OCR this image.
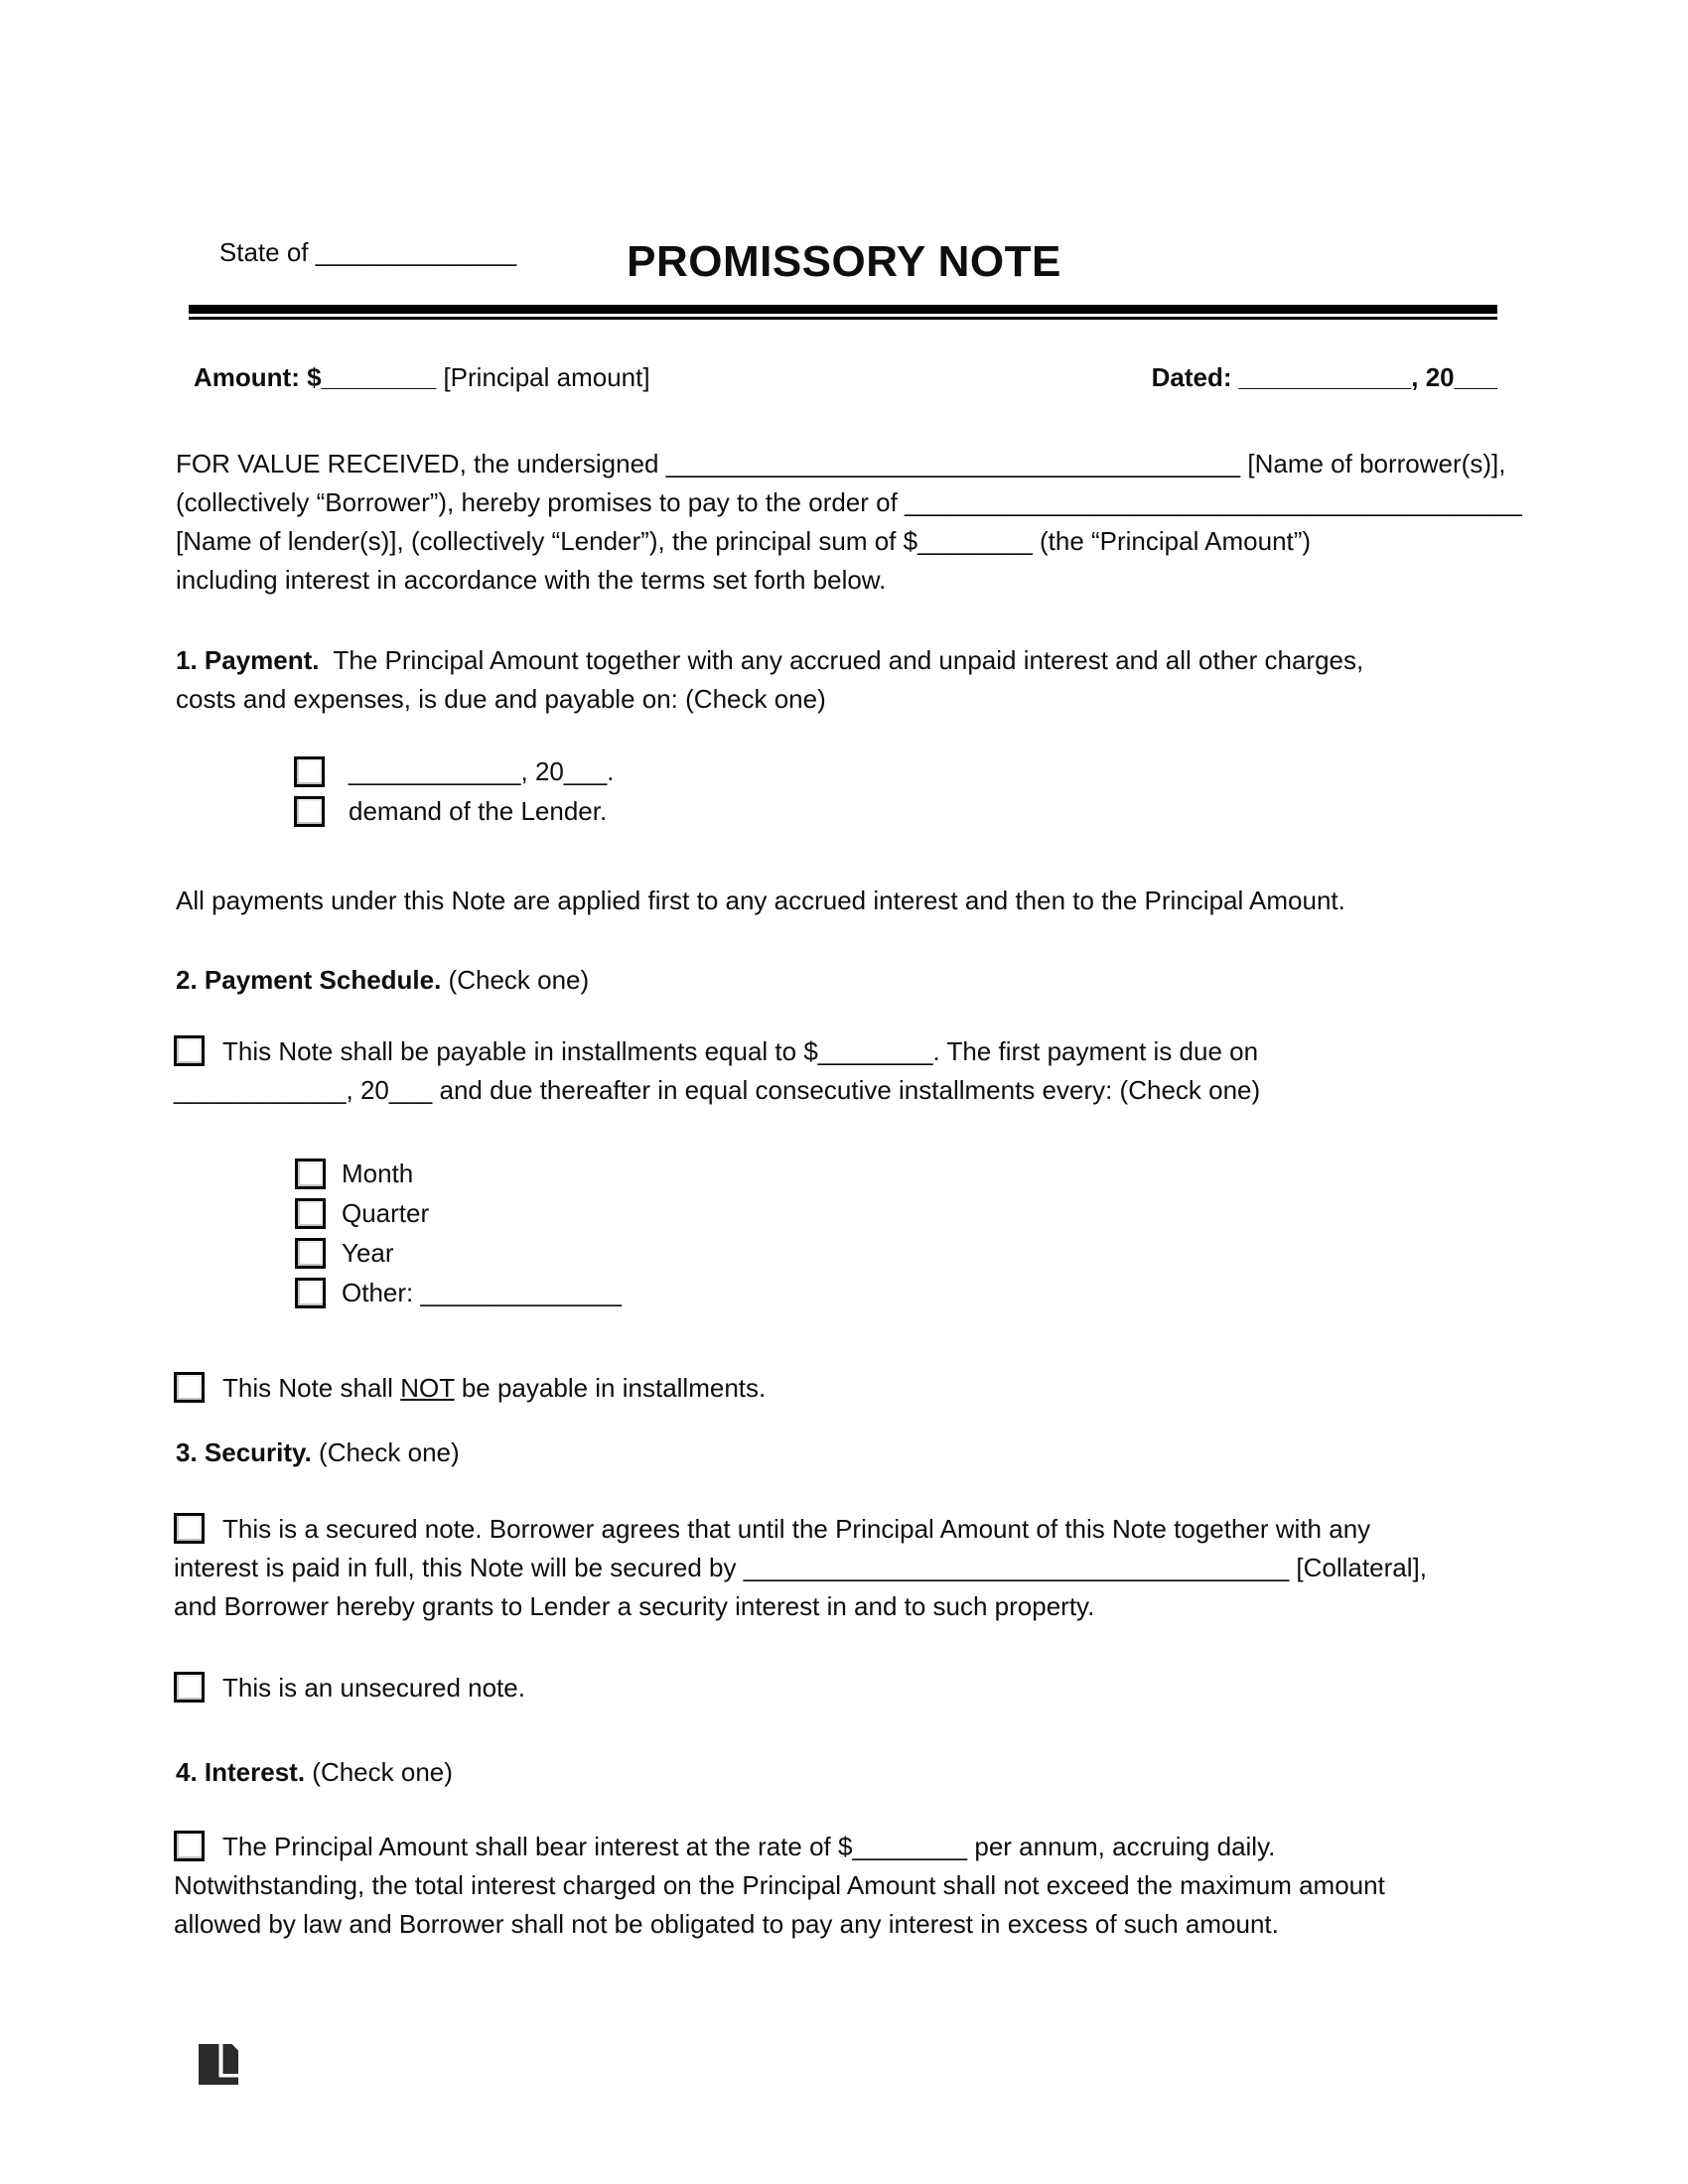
State of ______________
	PROMISSORY NOTE
Amount: $________ [Principal amount]	Dated: ____________, 20___
FOR VALUE RECEIVED, the undersigned ________________________________________ [Name of borrower(s)],
(collectively “Borrower”), hereby promises to pay to the order of ___________________________________________
[Name of lender(s)], (collectively “Lender”), the principal sum of $________ (the “Principal Amount”)
including interest in accordance with the terms set forth below.
1. Payment.  The Principal Amount together with any accrued and unpaid interest and all other charges,
costs and expenses, is due and payable on: (Check one)
____________, 20___.
demand of the Lender.
All payments under this Note are applied first to any accrued interest and then to the Principal Amount.
2. Payment Schedule. (Check one)
This Note shall be payable in installments equal to $________. The first payment is due on
____________, 20___ and due thereafter in equal consecutive installments every: (Check one)
Month
Quarter
Year
Other: ______________
This Note shall NOT be payable in installments.
3. Security. (Check one)
This is a secured note. Borrower agrees that until the Principal Amount of this Note together with any
interest is paid in full, this Note will be secured by ______________________________________ [Collateral],
and Borrower hereby grants to Lender a security interest in and to such property.
This is an unsecured note.
4. Interest. (Check one)
The Principal Amount shall bear interest at the rate of $________ per annum, accruing daily.
Notwithstanding, the total interest charged on the Principal Amount shall not exceed the maximum amount
allowed by law and Borrower shall not be obligated to pay any interest in excess of such amount.
